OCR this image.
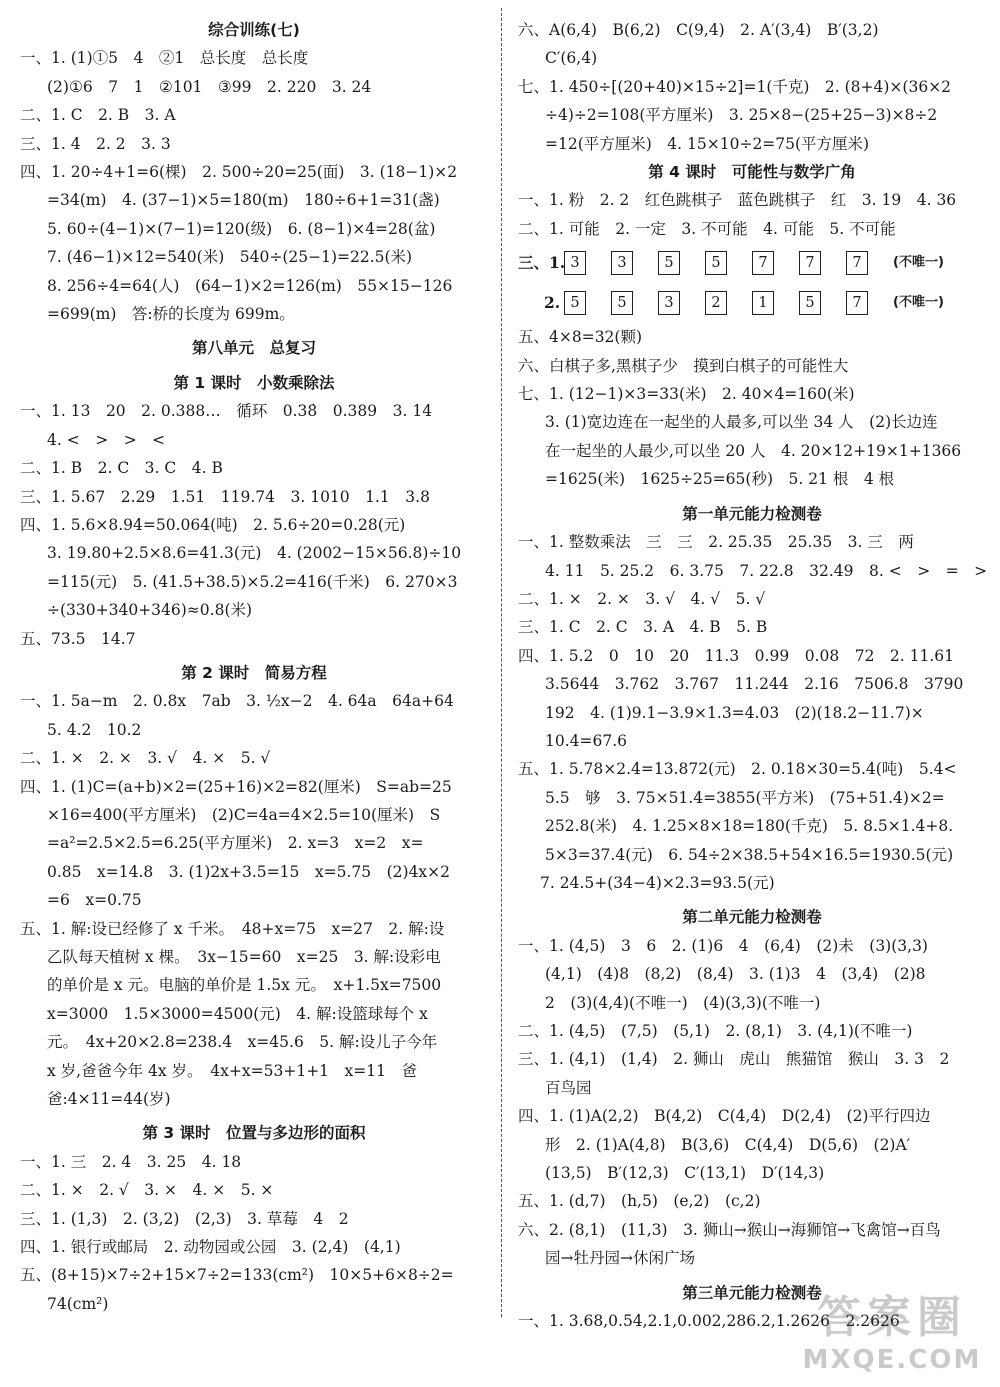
综合训练(七)
一、1. (1)①5　4　②1　总长度　总长度
(2)①6　7　1　②101　③99　2. 220　3. 24
二、1. C　2. B　3. A
三、1. 4　2. 2　3. 3
四、1. 20÷4+1=6(棵)　2. 500÷20=25(面)　3. (18−1)×2
=34(m)　4. (37−1)×5=180(m)　180÷6+1=31(盏)
5. 60÷(4−1)×(7−1)=120(级)　6. (8−1)×4=28(盆)
7. (46−1)×12=540(米)　540÷(25−1)=22.5(米)
8. 256÷4=64(人)　(64−1)×2=126(m)　55×15−126
=699(m)　答:桥的长度为 699m。
第八单元　总复习
第 1 课时　小数乘除法
一、1. 13　20　2. 0.388…　循环　0.38̇　0.389　3. 14
4. <　>　>　<
二、1. B　2. C　3. C　4. B
三、1. 5.67　2.29　1.51　119.74　3. 1010　1.1　3.8
四、1. 5.6×8.94=50.064(吨)　2. 5.6÷20=0.28(元)
3. 19.80+2.5×8.6=41.3(元)　4. (2002−15×56.8)÷10
=115(元)　5. (41.5+38.5)×5.2=416(千米)　6. 270×3
÷(330+340+346)≈0.8(米)
五、73.5　14.7
第 2 课时　简易方程
一、1. 5a−m　2. 0.8x　7ab　3. ½x−2　4. 64a　64a+64
5. 4.2　10.2
二、1. ×　2. ×　3. √　4. ×　5. √
四、1. (1)C=(a+b)×2=(25+16)×2=82(厘米)　S=ab=25
×16=400(平方厘米)　(2)C=4a=4×2.5=10(厘米)　S
=a²=2.5×2.5=6.25(平方厘米)　2. x=3　x=2　x=
0.85　x=14.8　3. (1)2x+3.5=15　x=5.75　(2)4x×2
=6　x=0.75
五、1. 解:设已经修了 x 千米。　48+x=75　x=27　2. 解:设
乙队每天植树 x 棵。　3x−15=60　x=25　3. 解:设彩电
的单价是 x 元。电脑的单价是 1.5x 元。　x+1.5x=7500
x=3000　1.5×3000=4500(元)　4. 解:设篮球每个 x
元。　4x+20×2.8=238.4　x=45.6　5. 解:设儿子今年
x 岁,爸爸今年 4x 岁。　4x+x=53+1+1　x=11　爸
爸:4×11=44(岁)
第 3 课时　位置与多边形的面积
一、1. 三　2. 4　3. 25　4. 18
二、1. ×　2. √　3. ×　4. ×　5. ×
三、1. (1,3)　2. (3,2)　(2,3)　3. 草莓　4　2
四、1. 银行或邮局　2. 动物园或公园　3. (2,4)　(4,1)
五、(8+15)×7÷2+15×7÷2=133(cm²)　10×5+6×8÷2=
74(cm²)
六、A(6,4)　B(6,2)　C(9,4)　2. A′(3,4)　B′(3,2)
C′(6,4)
七、1. 450÷[(20+40)×15÷2]=1(千克)　2. (8+4)×(36×2
÷4)÷2=108(平方厘米)　3. 25×8−(25+25−3)×8÷2
=12(平方厘米)　4. 15×10÷2=75(平方厘米)
第 4 课时　可能性与数学广角
一、1. 粉　2. 2　红色跳棋子　蓝色跳棋子　红　3. 19　4. 36
二、1. 可能　2. 一定　3. 不可能　4. 可能　5. 不可能
三、1. 3	3	5	5	7	7	7	(不唯一)
2. 5	5	3	2	1	5	7	(不唯一)
五、4×8=32(颗)
六、白棋子多,黑棋子少　摸到白棋子的可能性大
七、1. (12−1)×3=33(米)　2. 40×4=160(米)
3. (1)宽边连在一起坐的人最多,可以坐 34 人　(2)长边连
在一起坐的人最少,可以坐 20 人　4. 20×12+19×1+1366
=1625(米)　1625÷25=65(秒)　5. 21 根　4 根
第一单元能力检测卷
一、1. 整数乘法　三　三　2. 25.35　25.35　3. 三　两
4. 11　5. 25.2　6. 3.75　7. 22.8　32.49　8. <　>　=　>
二、1. ×　2. ×　3. √　4. √　5. √
三、1. C　2. C　3. A　4. B　5. B
四、1. 5.2　0　10　20　11.3　0.99　0.08　72　2. 11.61
3.5644　3.762　3.767　11.244　2.16　7506.8　3790
192　4. (1)9.1−3.9×1.3=4.03　(2)(18.2−11.7)×
10.4=67.6
五、1. 5.78×2.4=13.872(元)　2. 0.18×30=5.4(吨)　5.4<
5.5　够　3. 75×51.4=3855(平方米)　(75+51.4)×2=
252.8(米)　4. 1.25×8×18=180(千克)　5. 8.5×1.4+8.
5×3=37.4(元)　6. 54÷2×38.5+54×16.5=1930.5(元)
7. 24.5+(34−4)×2.3=93.5(元)
第二单元能力检测卷
一、1. (4,5)　3　6　2. (1)6　4　(6,4)　(2)未　(3)(3,3)
(4,1)　(4)8　(8,2)　(8,4)　3. (1)3　4　(3,4)　(2)8
2　(3)(4,4)(不唯一)　(4)(3,3)(不唯一)
二、1. (4,5)　(7,5)　(5,1)　2. (8,1)　3. (4,1)(不唯一)
三、1. (4,1)　(1,4)　2. 狮山　虎山　熊猫馆　猴山　3. 3　2
百鸟园
四、1. (1)A(2,2)　B(4,2)　C(4,4)　D(2,4)　(2)平行四边
形　2. (1)A(4,8)　B(3,6)　C(4,4)　D(5,6)　(2)A′
(13,5)　B′(12,3)　C′(13,1)　D′(14,3)
五、1. (d,7)　(h,5)　(e,2)　(c,2)
六、2. (8,1)　(11,3)　3. 狮山→猴山→海狮馆→飞禽馆→百鸟
园→牡丹园→休闲广场
第三单元能力检测卷
一、1. 3.68,0.54,2.1,0.002,286.2,1.2626　2.2626
答案圈
MXQE.COM
